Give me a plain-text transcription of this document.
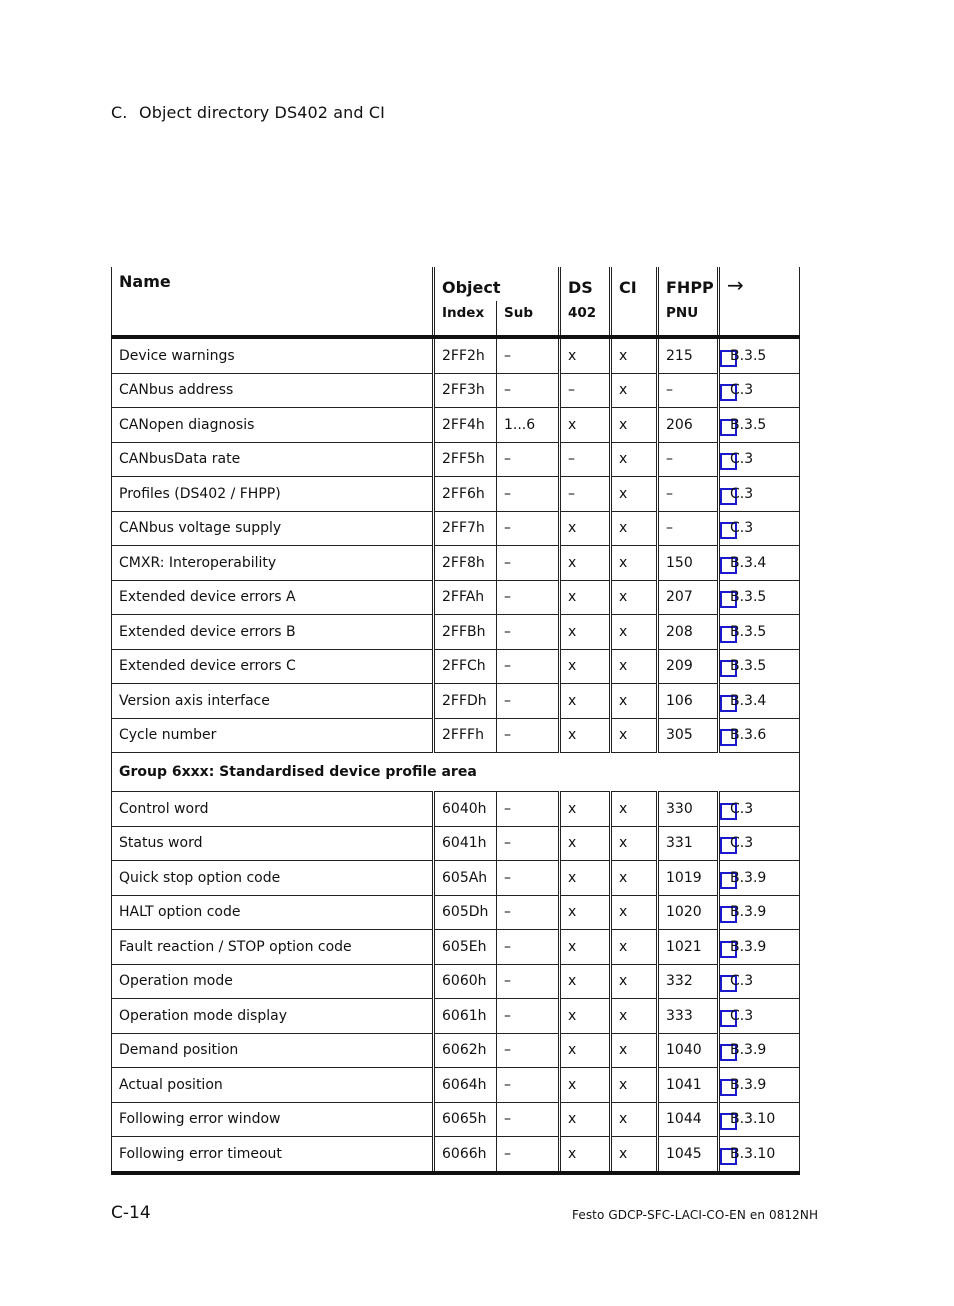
C. Object directory DS402 and CI
Name	Object		DS	CI	FHPP	→
	Index	Sub	402		PNU	
Device warnings	2FF2h	–	x	x	215	B.3.5
CANbus address	2FF3h	–	–	x	–	C.3
CANopen diagnosis	2FF4h	1...6	x	x	206	B.3.5
CANbusData rate	2FF5h	–	–	x	–	C.3
Profiles (DS402 / FHPP)	2FF6h	–	–	x	–	C.3
CANbus voltage supply	2FF7h	–	x	x	–	C.3
CMXR: Interoperability	2FF8h	–	x	x	150	B.3.4
Extended device errors A	2FFAh	–	x	x	207	B.3.5
Extended device errors B	2FFBh	–	x	x	208	B.3.5
Extended device errors C	2FFCh	–	x	x	209	B.3.5
Version axis interface	2FFDh	–	x	x	106	B.3.4
Cycle number	2FFFh	–	x	x	305	B.3.6
Group 6xxx: Standardised device profile area						
Control word	6040h	–	x	x	330	C.3
Status word	6041h	–	x	x	331	C.3
Quick stop option code	605Ah	–	x	x	1019	B.3.9
HALT option code	605Dh	–	x	x	1020	B.3.9
Fault reaction / STOP option code	605Eh	–	x	x	1021	B.3.9
Operation mode	6060h	–	x	x	332	C.3
Operation mode display	6061h	–	x	x	333	C.3
Demand position	6062h	–	x	x	1040	B.3.9
Actual position	6064h	–	x	x	1041	B.3.9
Following error window	6065h	–	x	x	1044	B.3.10
Following error timeout	6066h	–	x	x	1045	B.3.10
C-14	Festo GDCP-SFC-LACI-CO-EN en 0812NH
